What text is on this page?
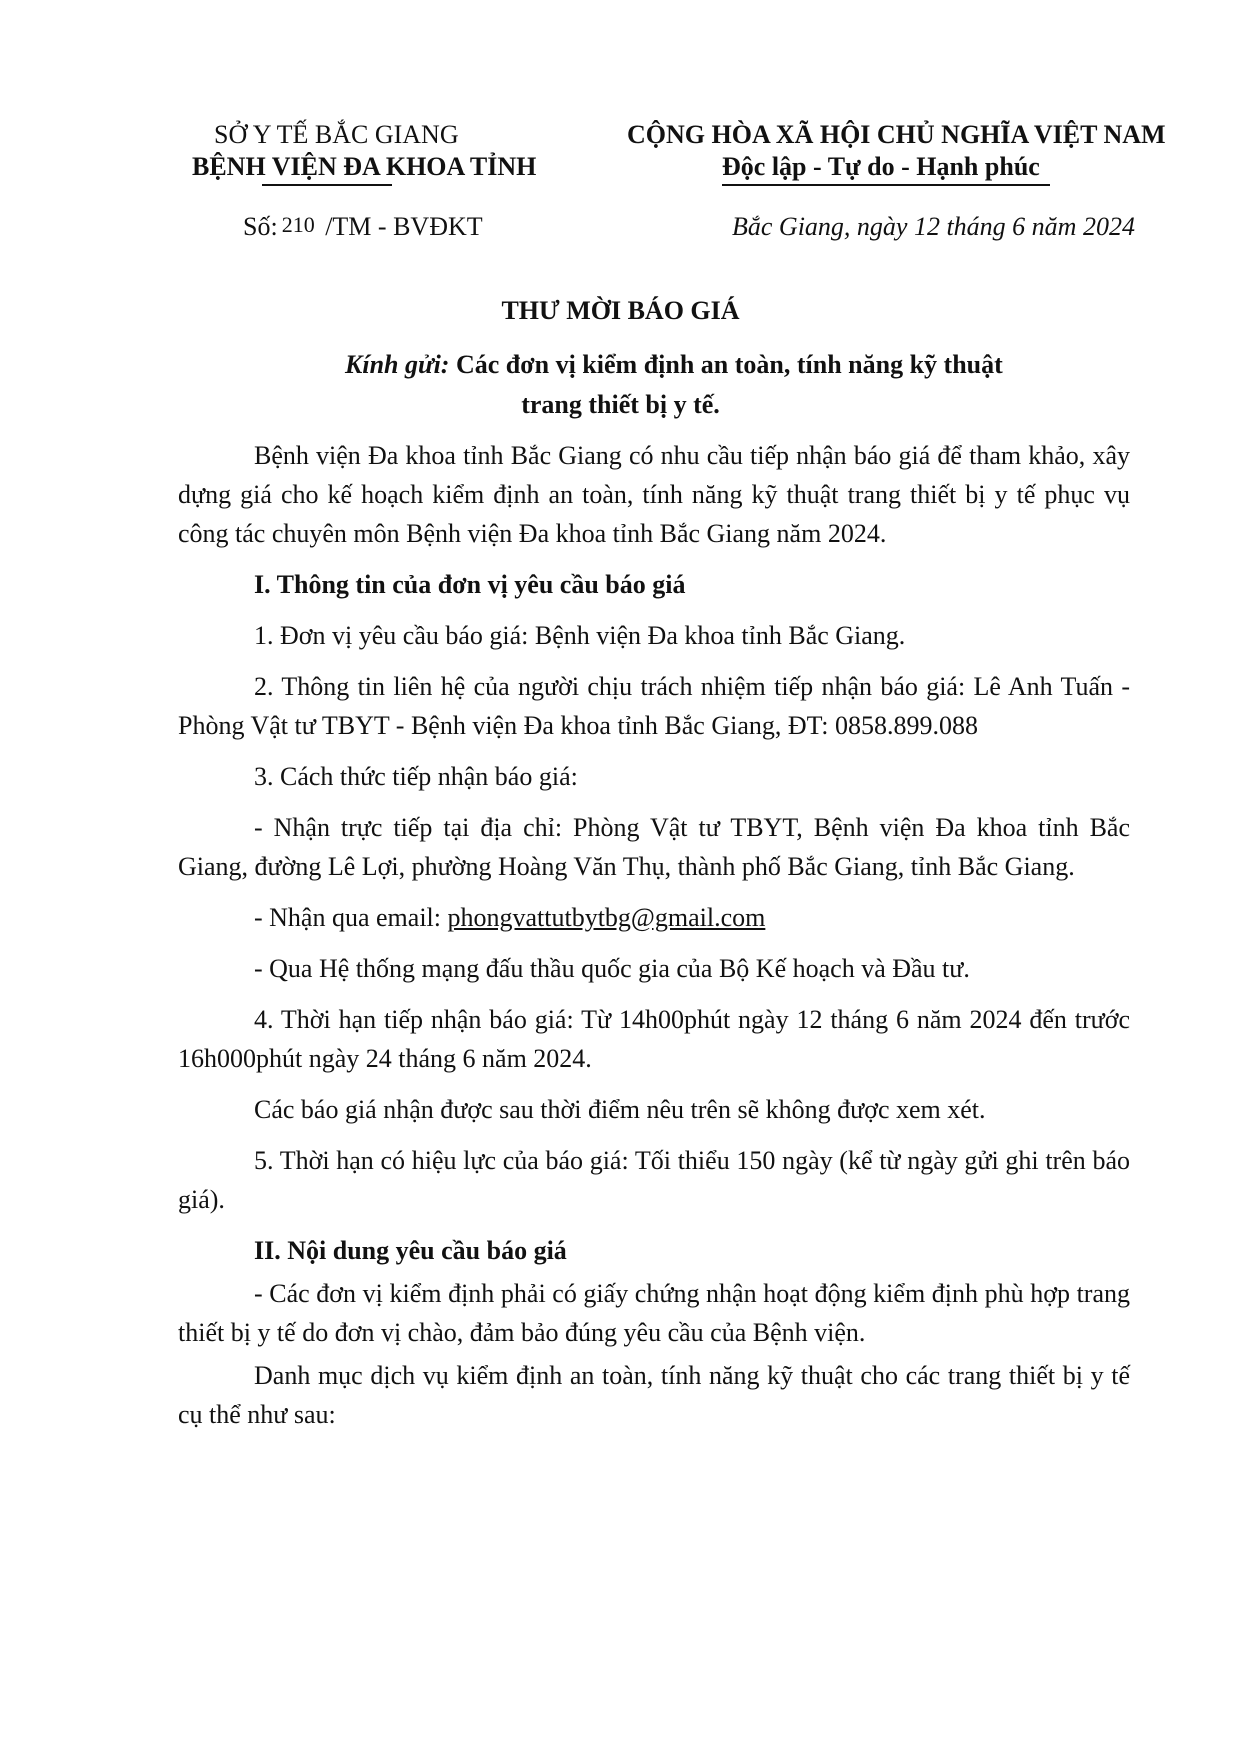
SỞ Y TẾ BẮC GIANG
BỆNH VIỆN ĐA KHOA TỈNH
CỘNG HÒA XÃ HỘI CHỦ NGHĨA VIỆT NAM
Độc lập - Tự do - Hạnh phúc
Số: 210 /TM - BVĐKT	Bắc Giang, ngày 12 tháng 6 năm 2024
THƯ MỜI BÁO GIÁ
Kính gửi: Các đơn vị kiểm định an toàn, tính năng kỹ thuật
trang thiết bị y tế.

Bệnh viện Đa khoa tỉnh Bắc Giang có nhu cầu tiếp nhận báo giá để tham khảo, xây dựng giá cho kế hoạch kiểm định an toàn, tính năng kỹ thuật trang thiết bị y tế phục vụ công tác chuyên môn Bệnh viện Đa khoa tỉnh Bắc Giang năm 2024.

I. Thông tin của đơn vị yêu cầu báo giá

1. Đơn vị yêu cầu báo giá: Bệnh viện Đa khoa tỉnh Bắc Giang.

2. Thông tin liên hệ của người chịu trách nhiệm tiếp nhận báo giá: Lê Anh Tuấn - Phòng Vật tư TBYT - Bệnh viện Đa khoa tỉnh Bắc Giang, ĐT: 0858.899.088

3. Cách thức tiếp nhận báo giá:

- Nhận trực tiếp tại địa chỉ: Phòng Vật tư TBYT, Bệnh viện Đa khoa tỉnh Bắc Giang, đường Lê Lợi, phường Hoàng Văn Thụ, thành phố Bắc Giang, tỉnh Bắc Giang.

- Nhận qua email: phongvattutbytbg@gmail.com

- Qua Hệ thống mạng đấu thầu quốc gia của Bộ Kế hoạch và Đầu tư.

4. Thời hạn tiếp nhận báo giá: Từ 14h00phút ngày 12 tháng 6 năm 2024 đến trước 16h000phút ngày 24 tháng 6 năm 2024.

Các báo giá nhận được sau thời điểm nêu trên sẽ không được xem xét.

5. Thời hạn có hiệu lực của báo giá: Tối thiểu 150 ngày (kể từ ngày gửi ghi trên báo giá).

II. Nội dung yêu cầu báo giá

- Các đơn vị kiểm định phải có giấy chứng nhận hoạt động kiểm định phù hợp trang thiết bị y tế do đơn vị chào, đảm bảo đúng yêu cầu của Bệnh viện.

Danh mục dịch vụ kiểm định an toàn, tính năng kỹ thuật cho các trang thiết bị y tế cụ thể như sau:
